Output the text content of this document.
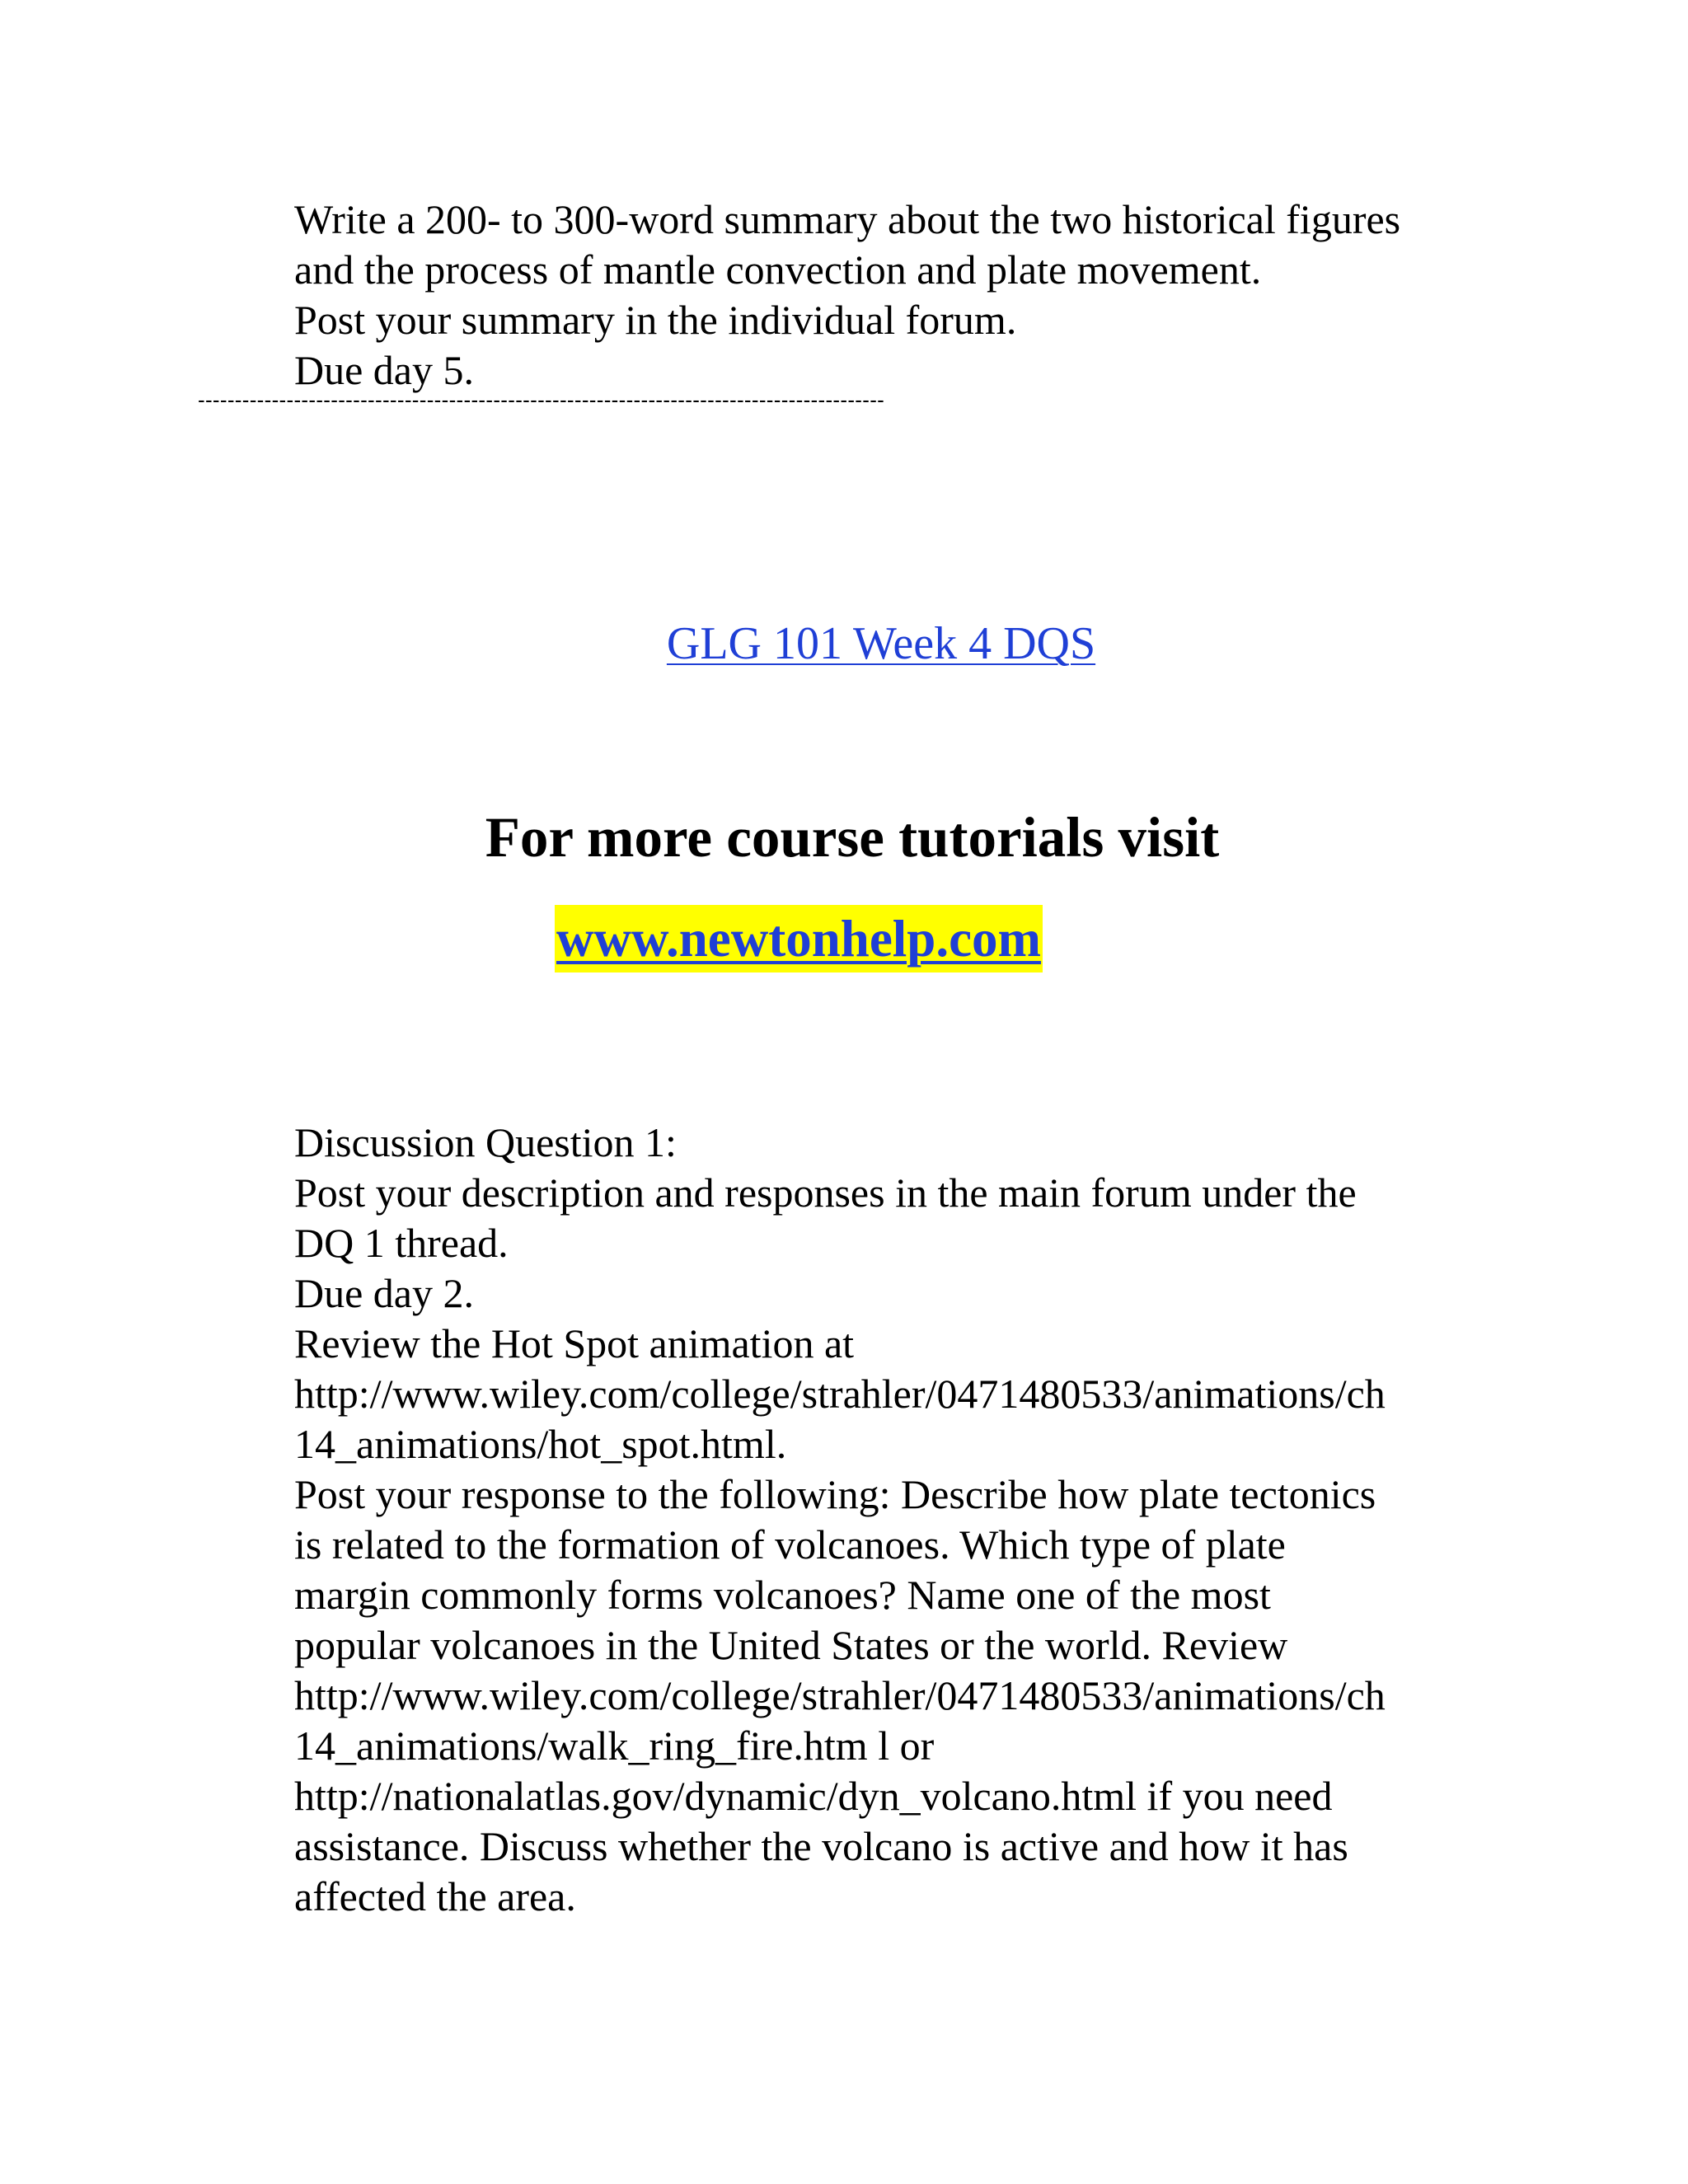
Write a 200- to 300-word summary about the two historical figures
and the process of mantle convection and plate movement.
Post your summary in the individual forum.
Due day 5.
---------------------------------------------------------------------------------------------
GLG 101 Week 4 DQS
For more course tutorials visit
www.newtonhelp.com
Discussion Question 1:
Post your description and responses in the main forum under the
DQ 1 thread.
Due day 2.
Review the Hot Spot animation at
http://www.wiley.com/college/strahler/0471480533/animations/ch
14_animations/hot_spot.html.
Post your response to the following: Describe how plate tectonics
is related to the formation of volcanoes. Which type of plate
margin commonly forms volcanoes? Name one of the most
popular volcanoes in the United States or the world. Review
http://www.wiley.com/college/strahler/0471480533/animations/ch
14_animations/walk_ring_fire.htm l or
http://nationalatlas.gov/dynamic/dyn_volcano.html if you need
assistance. Discuss whether the volcano is active and how it has
affected the area.
